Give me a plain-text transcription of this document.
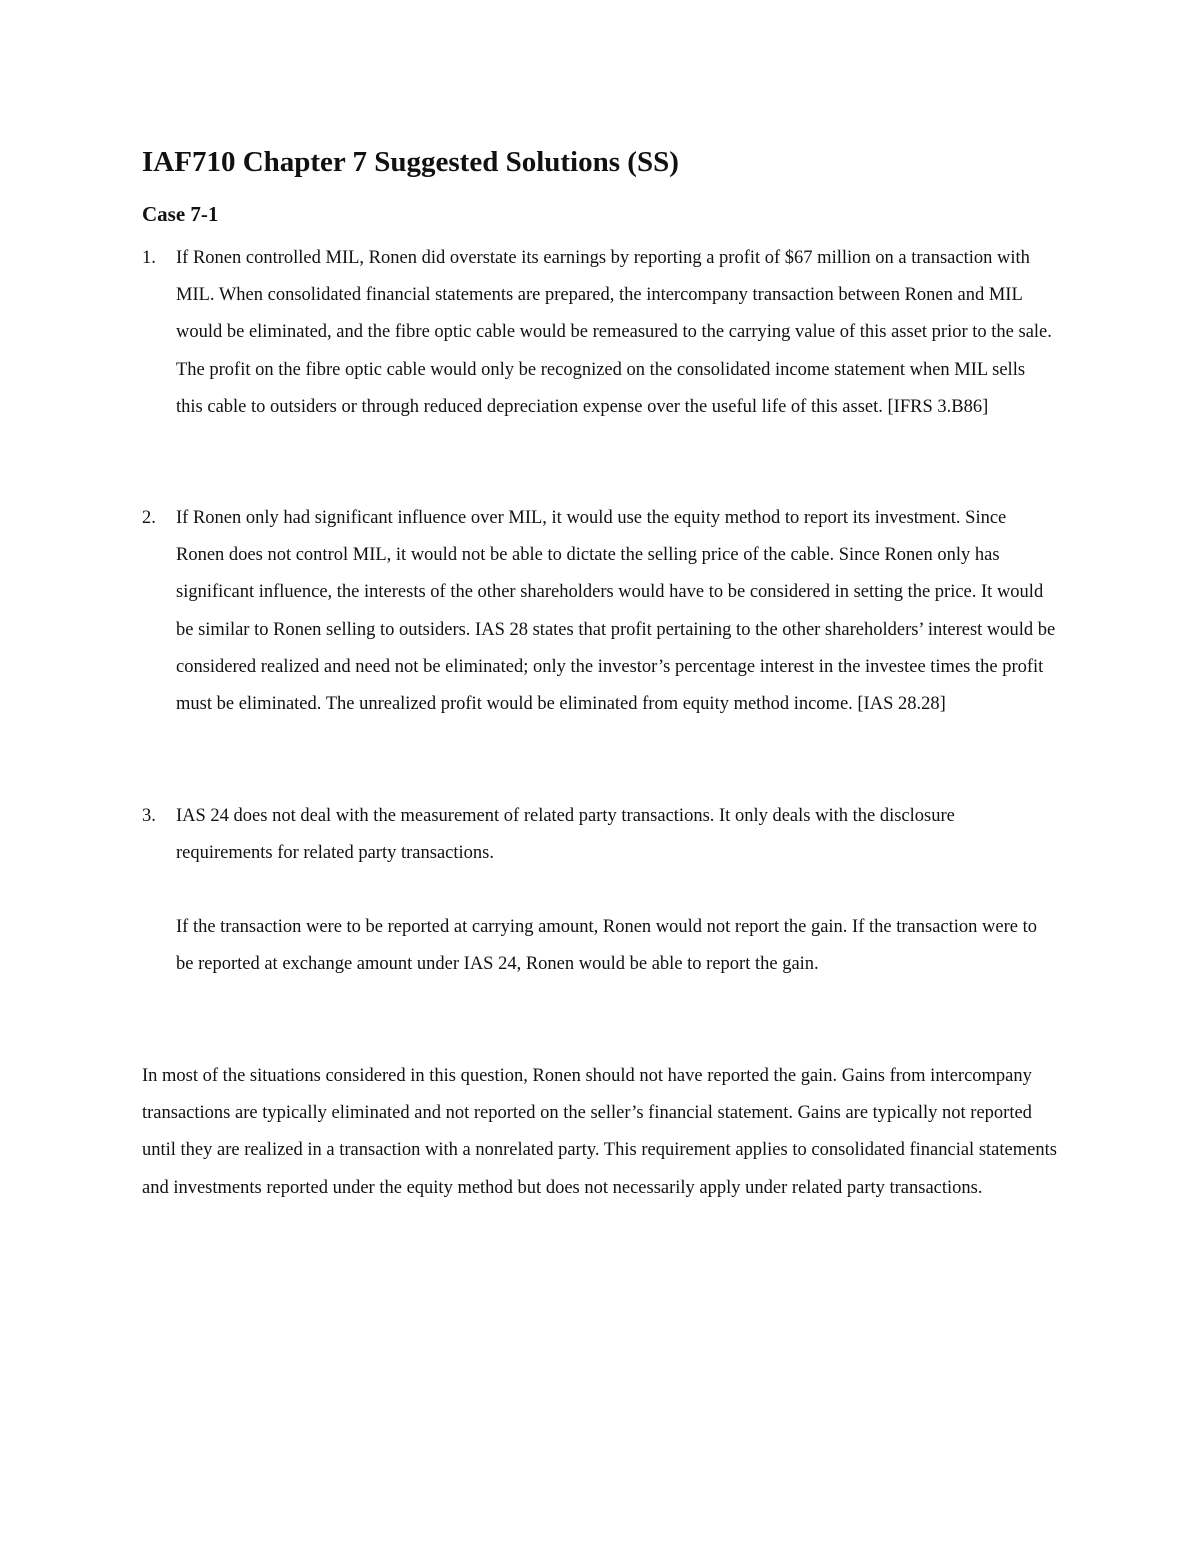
IAF710 Chapter 7 Suggested Solutions (SS)
Case 7-1
1. If Ronen controlled MIL, Ronen did overstate its earnings by reporting a profit of $67 million on a transaction with MIL. When consolidated financial statements are prepared, the intercompany transaction between Ronen and MIL would be eliminated, and the fibre optic cable would be remeasured to the carrying value of this asset prior to the sale. The profit on the fibre optic cable would only be recognized on the consolidated income statement when MIL sells this cable to outsiders or through reduced depreciation expense over the useful life of this asset. [IFRS 3.B86]

2. If Ronen only had significant influence over MIL, it would use the equity method to report its investment. Since Ronen does not control MIL, it would not be able to dictate the selling price of the cable. Since Ronen only has significant influence, the interests of the other shareholders would have to be considered in setting the price. It would be similar to Ronen selling to outsiders. IAS 28 states that profit pertaining to the other shareholders’ interest would be considered realized and need not be eliminated; only the investor’s percentage interest in the investee times the profit must be eliminated. The unrealized profit would be eliminated from equity method income. [IAS 28.28]

3. IAS 24 does not deal with the measurement of related party transactions. It only deals with the disclosure requirements for related party transactions.

If the transaction were to be reported at carrying amount, Ronen would not report the gain. If the transaction were to be reported at exchange amount under IAS 24, Ronen would be able to report the gain.

In most of the situations considered in this question, Ronen should not have reported the gain. Gains from intercompany transactions are typically eliminated and not reported on the seller’s financial statement. Gains are typically not reported until they are realized in a transaction with a nonrelated party. This requirement applies to consolidated financial statements and investments reported under the equity method but does not necessarily apply under related party transactions.
